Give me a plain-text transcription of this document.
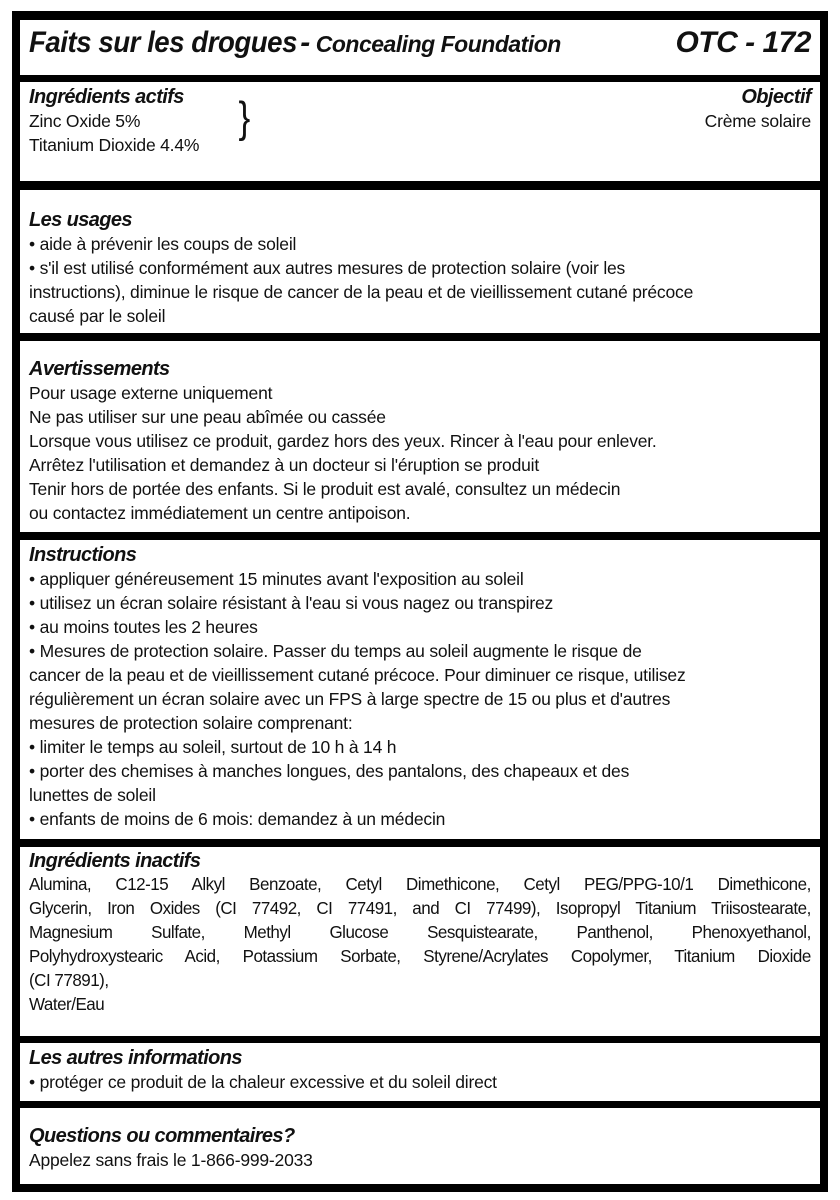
Faits sur les drogues - Concealing Foundation	OTC - 172
Ingrédients actifs
Zinc Oxide 5%
Titanium Dioxide 4.4%
}	Objectif
Crème solaire
Les usages
• aide à prévenir les coups de soleil
• s'il est utilisé conformément aux autres mesures de protection solaire (voir les
instructions), diminue le risque de cancer de la peau et de vieillissement cutané précoce
causé par le soleil
Avertissements
Pour usage externe uniquement
Ne pas utiliser sur une peau abîmée ou cassée
Lorsque vous utilisez ce produit, gardez hors des yeux. Rincer à l'eau pour enlever.
Arrêtez l'utilisation et demandez à un docteur si l'éruption se produit
Tenir hors de portée des enfants. Si le produit est avalé, consultez un médecin
ou contactez immédiatement un centre antipoison.
Instructions
• appliquer généreusement 15 minutes avant l'exposition au soleil
• utilisez un écran solaire résistant à l'eau si vous nagez ou transpirez
• au moins toutes les 2 heures
• Mesures de protection solaire. Passer du temps au soleil augmente le risque de
cancer de la peau et de vieillissement cutané précoce. Pour diminuer ce risque, utilisez
régulièrement un écran solaire avec un FPS à large spectre de 15 ou plus et d'autres
mesures de protection solaire comprenant:
• limiter le temps au soleil, surtout de 10 h à 14 h
• porter des chemises à manches longues, des pantalons, des chapeaux et des
lunettes de soleil
• enfants de moins de 6 mois: demandez à un médecin
Ingrédients inactifs
Alumina, C12-15 Alkyl Benzoate, Cetyl Dimethicone, Cetyl PEG/PPG-10/1 Dimethicone,
Glycerin, Iron Oxides (CI 77492, CI 77491, and CI 77499), Isopropyl Titanium Triisostearate,
Magnesium Sulfate, Methyl Glucose Sesquistearate, Panthenol, Phenoxyethanol,
Polyhydroxystearic Acid, Potassium Sorbate, Styrene/Acrylates Copolymer, Titanium Dioxide
(CI 77891),
Water/Eau
Les autres informations
• protéger ce produit de la chaleur excessive et du soleil direct
Questions ou commentaires?
Appelez sans frais le 1-866-999-2033
